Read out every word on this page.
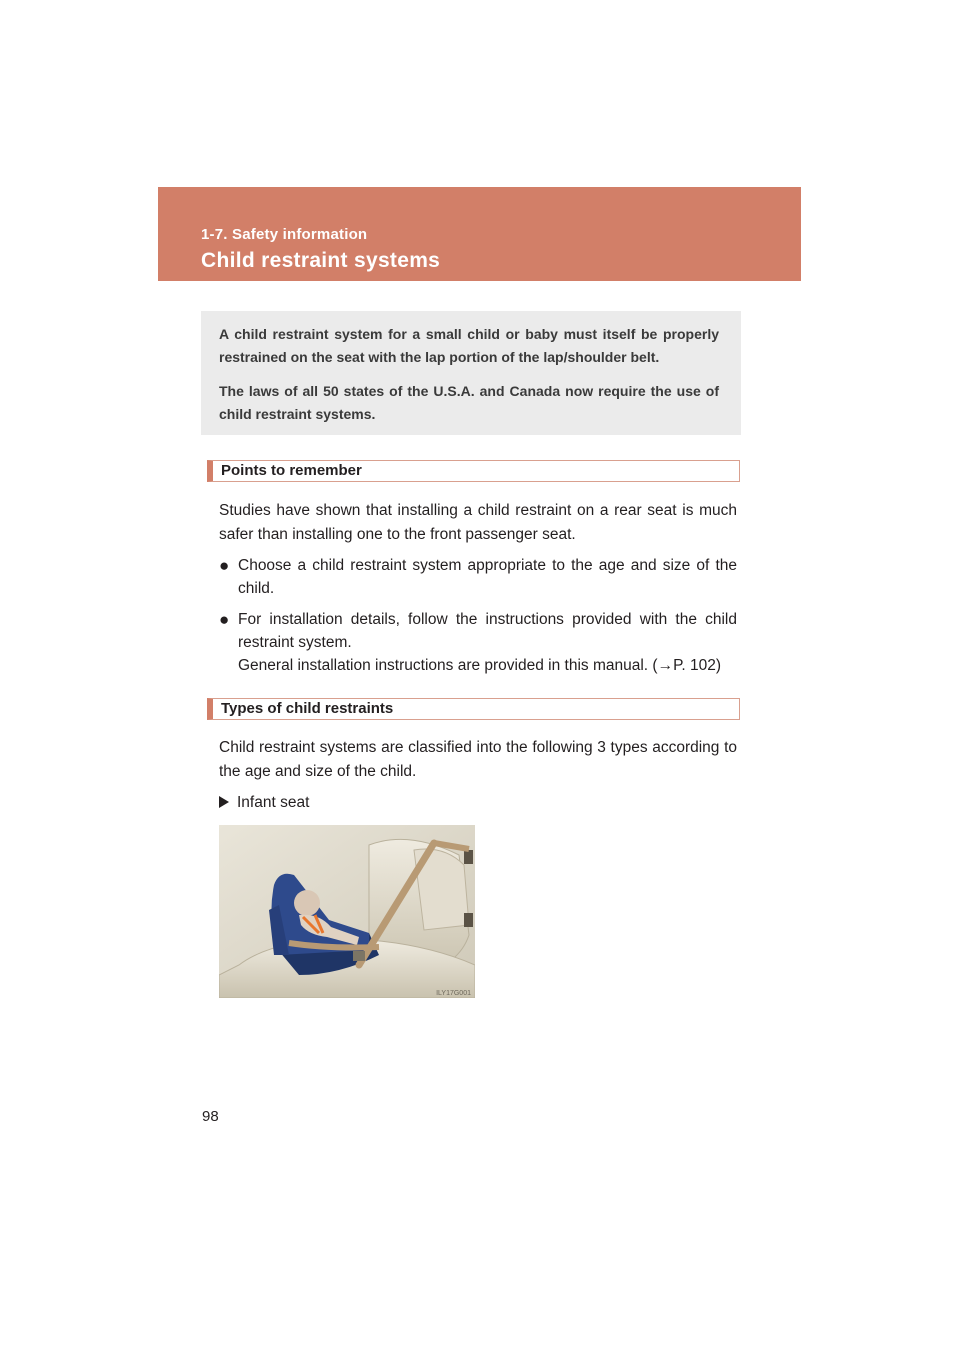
1-7. Safety information
Child restraint systems

A child restraint system for a small child or baby must itself be properly restrained on the seat with the lap portion of the lap/shoulder belt.

The laws of all 50 states of the U.S.A. and Canada now require the use of child restraint systems.

Points to remember
Studies have shown that installing a child restraint on a rear seat is much safer than installing one to the front passenger seat.
● Choose a child restraint system appropriate to the age and size of the child.
● For installation details, follow the instructions provided with the child restraint system.
General installation instructions are provided in this manual. (→P. 102)
Types of child restraints
Child restraint systems are classified into the following 3 types according to the age and size of the child.
Infant seat
ILY17G001
98
